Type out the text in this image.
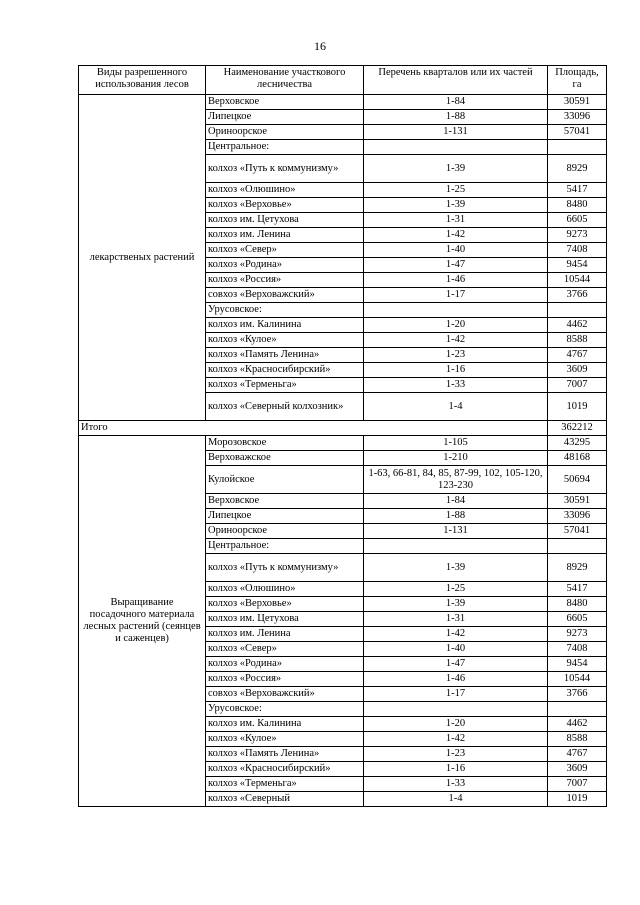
16
Виды разрешенного использования лесов	Наименование участкового лесничества	Перечень кварталов или их частей	Площадь, га
лекарственых растений	Верховское	1-84	30591
	Липецкое	1-88	33096
	Ориноорское	1-131	57041
	Центральное:		
	колхоз «Путь к коммунизму»	1-39	8929
	колхоз «Олюшино»	1-25	5417
	колхоз «Верховье»	1-39	8480
	колхоз им. Цетухова	1-31	6605
	колхоз им. Ленина	1-42	9273
	колхоз «Север»	1-40	7408
	колхоз «Родина»	1-47	9454
	колхоз «Россия»	1-46	10544
	совхоз «Верховажский»	1-17	3766
	Урусовское:		
	колхоз им. Калинина	1-20	4462
	колхоз «Кулое»	1-42	8588
	колхоз «Память Ленина»	1-23	4767
	колхоз «Красносибирский»	1-16	3609
	колхоз «Терменьга»	1-33	7007
	колхоз «Северный колхозник»	1-4	1019
Итого			362212
Выращивание посадочного материала лесных растений (сеянцев и саженцев)	Морозовское	1-105	43295
	Верховажское	1-210	48168
	Кулойское	1-63, 66-81, 84, 85, 87-99, 102, 105-120, 123-230	50694
	Верховское	1-84	30591
	Липецкое	1-88	33096
	Ориноорское	1-131	57041
	Центральное:		
	колхоз «Путь к коммунизму»	1-39	8929
	колхоз «Олюшино»	1-25	5417
	колхоз «Верховье»	1-39	8480
	колхоз им. Цетухова	1-31	6605
	колхоз им. Ленина	1-42	9273
	колхоз «Север»	1-40	7408
	колхоз «Родина»	1-47	9454
	колхоз «Россия»	1-46	10544
	совхоз «Верховажский»	1-17	3766
	Урусовское:		
	колхоз им. Калинина	1-20	4462
	колхоз «Кулое»	1-42	8588
	колхоз «Память Ленина»	1-23	4767
	колхоз «Красносибирский»	1-16	3609
	колхоз «Терменьга»	1-33	7007
	колхоз «Северный	1-4	1019
